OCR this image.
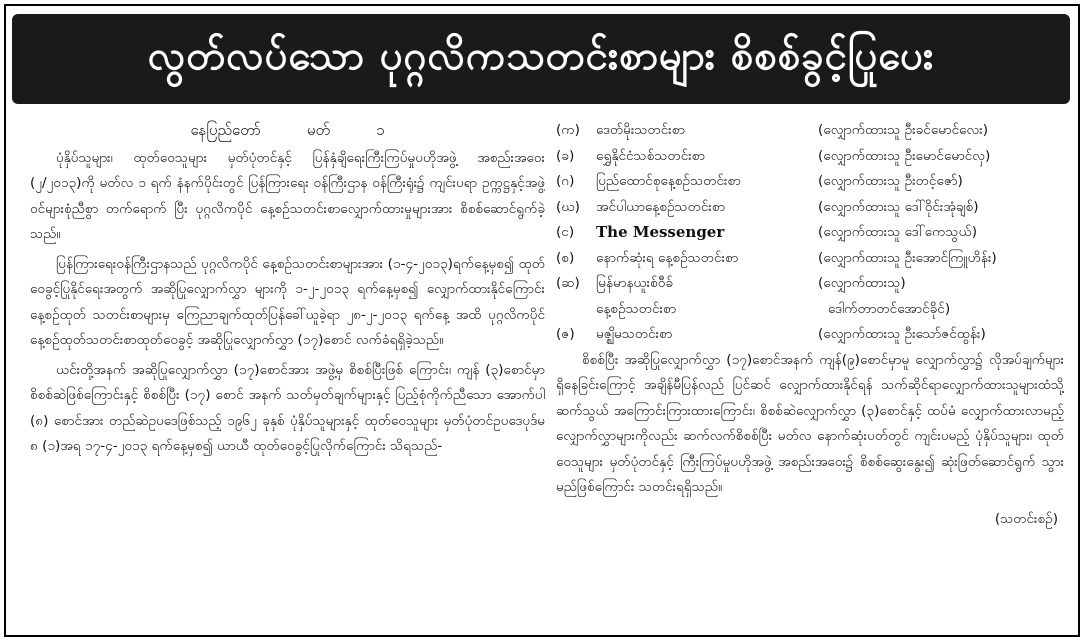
လွတ်လပ်သော ပုဂ္ဂလိကသတင်းစာများ စိစစ်ခွင့်ပြုပေး
နေပြည်တော်	မတ်	၁

ပုံနှိပ်သူများ၊ ထုတ်ဝေသူများ မှတ်ပုံတင်နှင့် ပြန်နှံချိရေးကြီးကြပ်မှုပဟိုအဖွဲ့ အစည်းအဝေး (၂/၂၀၁၃)ကို မတ်လ ၁ ရက် နံနက်ပိုင်းတွင် ပြန်ကြားရေး ဝန်ကြီးဌာန ဝန်ကြီးရုံး၌ ကျင်းပရာ ဥက္ကဋ္ဌနှင့်အဖွဲ့ဝင်များစုံညီစွာ တက်ရောက် ပြီး ပုဂ္ဂလိကပိုင် နေ့စဉ်သတင်းစာလျှောက်ထားမှုများအား စိစစ်ဆောင်ရွက်ခဲ့ သည်။

ပြန်ကြားရေးဝန်ကြီးဌာနသည် ပုဂ္ဂလိကပိုင် နေ့စဉ်သတင်းစာများအား (၁-၄-၂၀၁၃)ရက်နေ့မှစ၍ ထုတ်ဝေခွင့်ပြုနိုင်ရေးအတွက် အဆိုပြုလျှောက်လွှာ များကို ၁-၂-၂၀၁၃ ရက်နေ့မှစ၍ လျှောက်ထားနိုင်ကြောင်း နေ့စဉ်ထုတ် သတင်းစာများမှ ကြေညာချက်ထုတ်ပြန်ခေါ်ယူခဲ့ရာ ၂၈-၂-၂၀၁၃ ရက်နေ့ အထိ ပုဂ္ဂလိကပိုင် နေ့စဉ်ထုတ်သတင်းစာထုတ်ဝေခွင့် အဆိုပြုလျှောက်လွှာ (၁၇)စောင် လက်ခံရရှိခဲ့သည်။

ယင်းတို့အနက် အဆိုပြုလျှောက်လွှာ (၁၇)စောင်အား အဖွဲ့မှ စိစစ်ပြီးဖြစ် ကြောင်း၊ ကျန် (၃)စောင်မှာ စိစစ်ဆဲဖြစ်ကြောင်းနှင့် စိစစ်ပြီး (၁၇) စောင် အနက် သတ်မှတ်ချက်များနှင့် ပြည့်စုံကိုက်ညီသော အောက်ပါ (၈) စောင်အား တည်ဆဲဥပဒေဖြစ်သည့် ၁၉၆၂ ခုနှစ် ပုံနှိပ်သူများနှင့် ထုတ်ဝေသူများ မှတ်ပုံတင်ဥပဒေပုဒ်မ ၈ (၁)အရ ၁၇-၄-၂၀၁၃ ရက်နေ့မှစ၍ ယာယီ ထုတ်ဝေခွင့်ပြုလိုက်ကြောင်း သိရသည်-

(က)	ဒေတ်မိုးသတင်းစာ	(လျှောက်ထားသူ ဦးခင်မောင်လေး)
(ခ)	ရွှေနိုင်ငံသစ်သတင်းစာ	(လျှောက်ထားသူ ဦးမောင်မောင်လှ)
(ဂ)	ပြည်ထောင်စုနေ့စဉ်သတင်းစာ	(လျှောက်ထားသူ ဦးတင့်ဇော်)
(ဃ)	အင်ပါယာနေ့စဉ်သတင်းစာ	(လျှောက်ထားသူ ဒေါ်ဝိုင်းအုံချစ်)
(င)	The Messenger	(လျှောက်ထားသူ ဒေါ်ကေသွယ်)
(စ)	နောက်ဆုံးရ နေ့စဉ်သတင်းစာ	(လျှောက်ထားသူ ဦးအောင်ကြူဟိန်း)
(ဆ)	မြန်မာနယူးစ်ဝီခ်	(လျှောက်ထားသူ)
နေ့စဉ်သတင်းစာ	ဒေါက်တာတင်အောင်ခိုင်)
(ဇ)	မဇ္ဈိမသတင်းစာ	(လျှောက်ထားသူ ဦးသော်ဇင်ထွန်း)

စိစစ်ပြီး အဆိုပြုလျှောက်လွှာ (၁၇)စောင်အနက် ကျန်(၉)စောင်မှာမူ လျှောက်လွှာ၌ လိုအပ်ချက်များ ရှိနေခြင်းကြောင့် အချိန်မီပြန်လည် ပြင်ဆင် လျှောက်ထားနိုင်ရန် သက်ဆိုင်ရာလျှောက်ထားသူများထံသို့ ဆက်သွယ် အကြောင်းကြားထားကြောင်း၊ စိစစ်ဆဲလျှောက်လွှာ (၃)စောင်နှင့် ထပ်မံ လျှောက်ထားလာမည့် လျှောက်လွှာများကိုလည်း ဆက်လက်စိစစ်ပြီး မတ်လ နောက်ဆုံးပတ်တွင် ကျင်းပမည့် ပုံနှိပ်သူများ၊ ထုတ်ဝေသူများ မှတ်ပုံတင်နှင့် ကြီးကြပ်မှုပဟိုအဖွဲ့ အစည်းအဝေး၌ စိစစ်ဆွေးနွေး၍ ဆုံးဖြတ်ဆောင်ရွက် သွားမည်ဖြစ်ကြောင်း သတင်းရရှိသည်။

(သတင်းစဉ်)
